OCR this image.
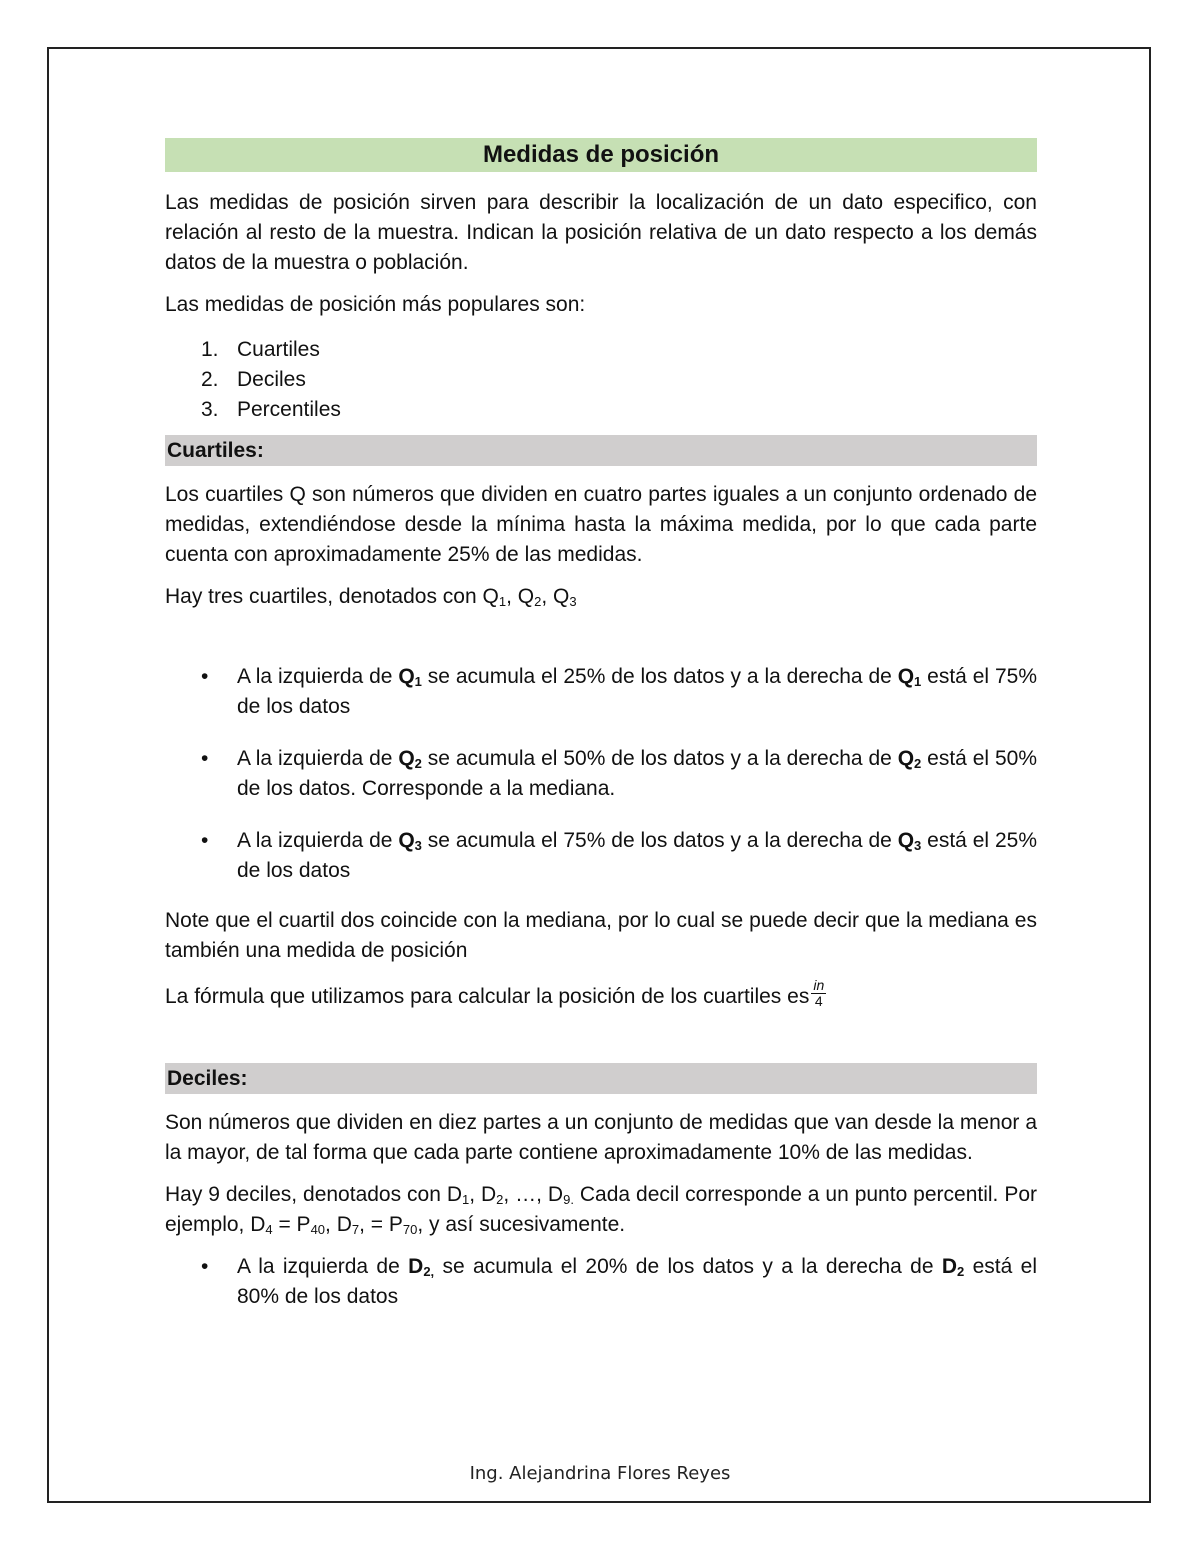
Medidas de posición

Las medidas de posición sirven para describir la localización de un dato especifico, con relación al resto de la muestra. Indican la posición relativa de un dato respecto a los demás datos de la muestra o población.

Las medidas de posición más populares son:

1. Cuartiles
2. Deciles
3. Percentiles
Cuartiles:

Los cuartiles Q son números que dividen en cuatro partes iguales a un conjunto ordenado de medidas, extendiéndose desde la mínima hasta la máxima medida, por lo que cada parte cuenta con aproximadamente 25% de las medidas.

Hay tres cuartiles, denotados con $Q_1$, $Q_2$, $Q_3$

• A la izquierda de $Q_1$ se acumula el 25% de los datos y a la derecha de $Q_1$ está el 75% de los datos
• A la izquierda de $Q_2$ se acumula el 50% de los datos y a la derecha de $Q_2$ está el 50% de los datos. Corresponde a la mediana.
• A la izquierda de $Q_3$ se acumula el 75% de los datos y a la derecha de $Q_3$ está el 25% de los datos

Note que el cuartil dos coincide con la mediana, por lo cual se puede decir que la mediana es también una medida de posición

La fórmula que utilizamos para calcular la posición de los cuartiles es $\frac{in}{4}$

Deciles:

Son números que dividen en diez partes a un conjunto de medidas que van desde la menor a la mayor, de tal forma que cada parte contiene aproximadamente 10% de las medidas.

Hay 9 deciles, denotados con $D_1$, $D_2$, …, $D_{9.}$ Cada decil corresponde a un punto percentil. Por ejemplo, $D_4 = P_{40}$, $D_7$, = $P_{70}$, y así sucesivamente.

• A la izquierda de $D_{2,}$ se acumula el 20% de los datos y a la derecha de $D_2$ está el 80% de los datos
Ing. Alejandrina Flores Reyes
